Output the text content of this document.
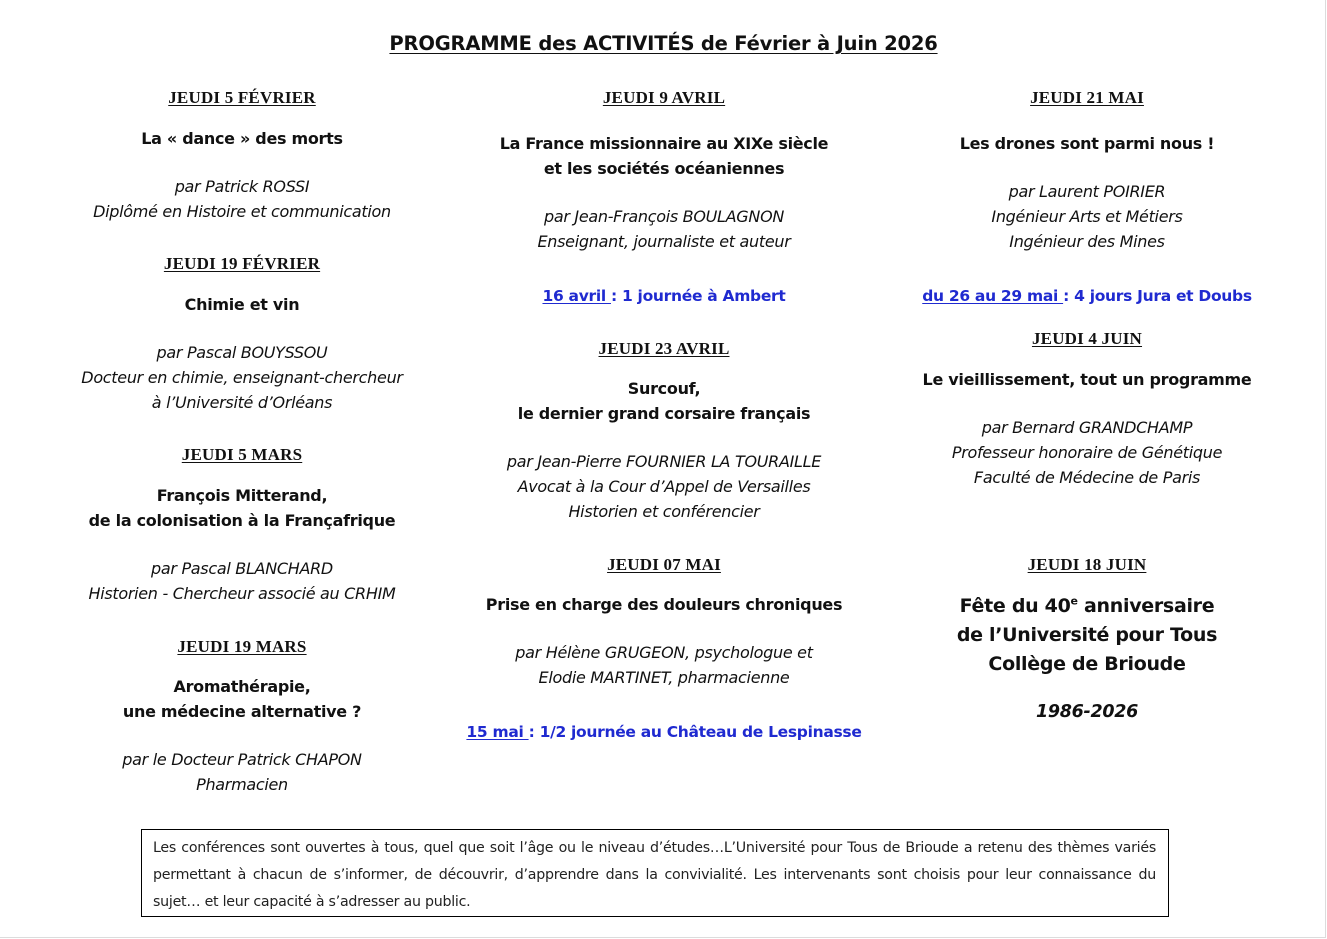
PROGRAMME des ACTIVITÉS de Février à Juin 2026
JEUDI 5 FÉVRIER
La « dance » des morts
par Patrick ROSSI
Diplômé en Histoire et communication
JEUDI 19 FÉVRIER
Chimie et vin
par Pascal BOUYSSOU
Docteur en chimie, enseignant-chercheur
à l’Université d’Orléans
JEUDI 5 MARS
François Mitterand,
de la colonisation à la Françafrique
par Pascal BLANCHARD
Historien - Chercheur associé au CRHIM
JEUDI 19 MARS
Aromathérapie,
une médecine alternative ?
par le Docteur Patrick CHAPON
Pharmacien
JEUDI 9 AVRIL
La France missionnaire au XIXe siècle
et les sociétés océaniennes
par Jean-François BOULAGNON
Enseignant, journaliste et auteur
16 avril : 1 journée à Ambert
JEUDI 23 AVRIL
Surcouf,
le dernier grand corsaire français
par Jean-Pierre FOURNIER LA TOURAILLE
Avocat à la Cour d’Appel de Versailles
Historien et conférencier
JEUDI 07 MAI
Prise en charge des douleurs chroniques
par Hélène GRUGEON, psychologue et
Elodie MARTINET, pharmacienne
15 mai : 1/2 journée au Château de Lespinasse
JEUDI 21 MAI
Les drones sont parmi nous !
par Laurent POIRIER
Ingénieur Arts et Métiers
Ingénieur des Mines
du 26 au 29 mai : 4 jours Jura et Doubs
JEUDI 4 JUIN
Le vieillissement, tout un programme
par Bernard GRANDCHAMP
Professeur honoraire de Génétique
Faculté de Médecine de Paris
JEUDI 18 JUIN
Fête du 40e anniversaire
de l’Université pour Tous
Collège de Brioude
1986-2026
Les conférences sont ouvertes à tous, quel que soit l’âge ou le niveau d’études…L’Université pour Tous de Brioude a retenu des thèmes variés permettant à chacun de s’informer, de découvrir, d’apprendre dans la convivialité. Les intervenants sont choisis pour leur connaissance du sujet… et leur capacité à s’adresser au public.
